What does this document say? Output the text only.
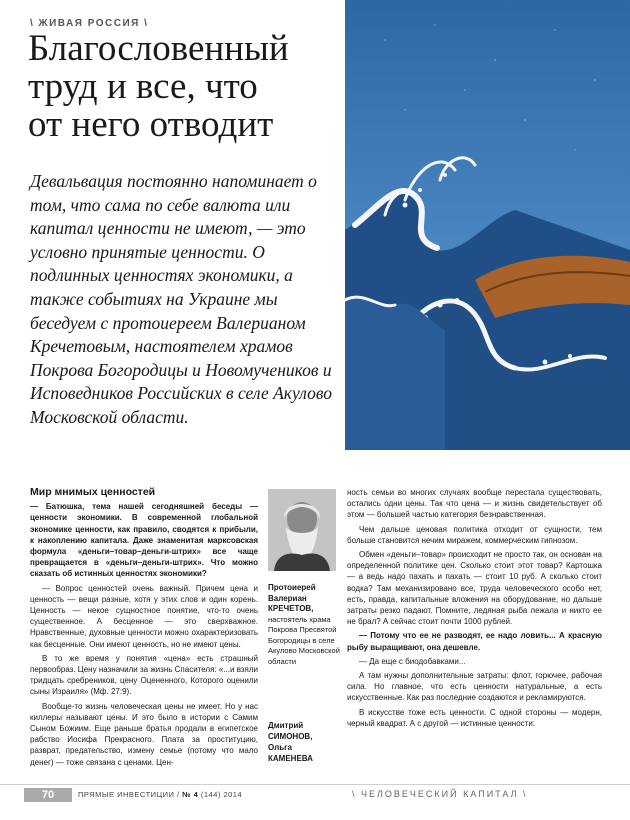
\ ЖИВАЯ РОССИЯ \
Благословенный
труд и все, что
от него отводит
Девальвация постоянно напоминает о том, что сама по себе валюта или капитал ценности не имеют, — это условно принятые ценности. О подлинных ценностях экономики, а также событиях на Украине мы беседуем с протоиереем Валерианом Кречетовым, настоятелем храмов Покрова Богородицы и Новомучеников и Исповедников Российских в селе Акулово Московской области.

Мир мнимых ценностей

— Батюшка, тема нашей сегодняшней беседы — ценности экономики. В современной глобальной экономике ценности, как правило, сводятся к прибыли, к накоплению капитала. Даже знаменитая марксовская формула «деньги–товар–деньги-штрих» все чаще превращается в «деньги–деньги-штрих». Что можно сказать об истинных ценностях экономики?

— Вопрос ценностей очень важный. Причем цена и ценность — вещи разные, хотя у этих слов и один корень. Ценность — некое сущностное понятие, что-то очень существенное. А бесценное — это сверхважное. Нравственные, духовные ценности можно охарактеризовать как бесценные. Они имеют ценность, но не имеют цены.

В то же время у понятия «цена» есть страшный первообраз. Цену назначили за жизнь Спасителя: «...и взяли тридцать сребреников, цену Оцененного, Которого оценили сыны Израиля» (Мф. 27:9).

Вообще-то жизнь человеческая цены не имеет. Но у нас киллеры называют цены. И это было в истории с Самим Сыном Божиим. Еще раньше братья продали в египетское рабство Иосифа Прекрасного. Плата за проституцию, разврат, предательство, измену семье (потому что мало денег) — тоже связана с ценами. Цен-

Протоиерей
Валериан
КРЕЧЕТОВ,
настоятель храма Покрова Пресвятой Богородицы в селе Акулово Московской области
Дмитрий
СИМОНОВ,
Ольга
КАМЕНЕВА

ность семьи во многих случаях вообще перестала существовать, остались одни цены. Так что цена — и жизнь свидетельствует об этом — большей частью категория безнравственная.

Чем дальше ценовая политика отходит от сущности, тем больше становится нечим миражем, коммерческим гипнозом.

Обмен «деньги–товар» происходит не просто так, он основан на определенной политике цен. Сколько стоит этот товар? Картошка — а ведь надо пахать и пахать — стоит 10 руб. А сколько стоит водка? Там механизировано все, труда человеческого особо нет, есть, правда, капитальные вложения на оборудование, но дальше затраты резко падают. Помните, ледяная рыба лежала и никто ее не брал? А сейчас стоит почти 1000 рублей.

— Потому что ее не разводят, ее надо ловить... А красную рыбу выращивают, она дешевле.

— Да еще с биодобавками...

А там нужны дополнительные затраты: флот, горючее, рабочая сила. Но главное, что есть ценности натуральные, а есть искусственные. Как раз последние создаются и рекламируются.

В искусстве тоже есть ценности. С одной стороны — модерн, черный квадрат. А с другой — истинные ценности:

70	ПРЯМЫЕ ИНВЕСТИЦИИ / № 4 (144) 2014	\ ЧЕЛОВЕЧЕСКИЙ КАПИТАЛ \
